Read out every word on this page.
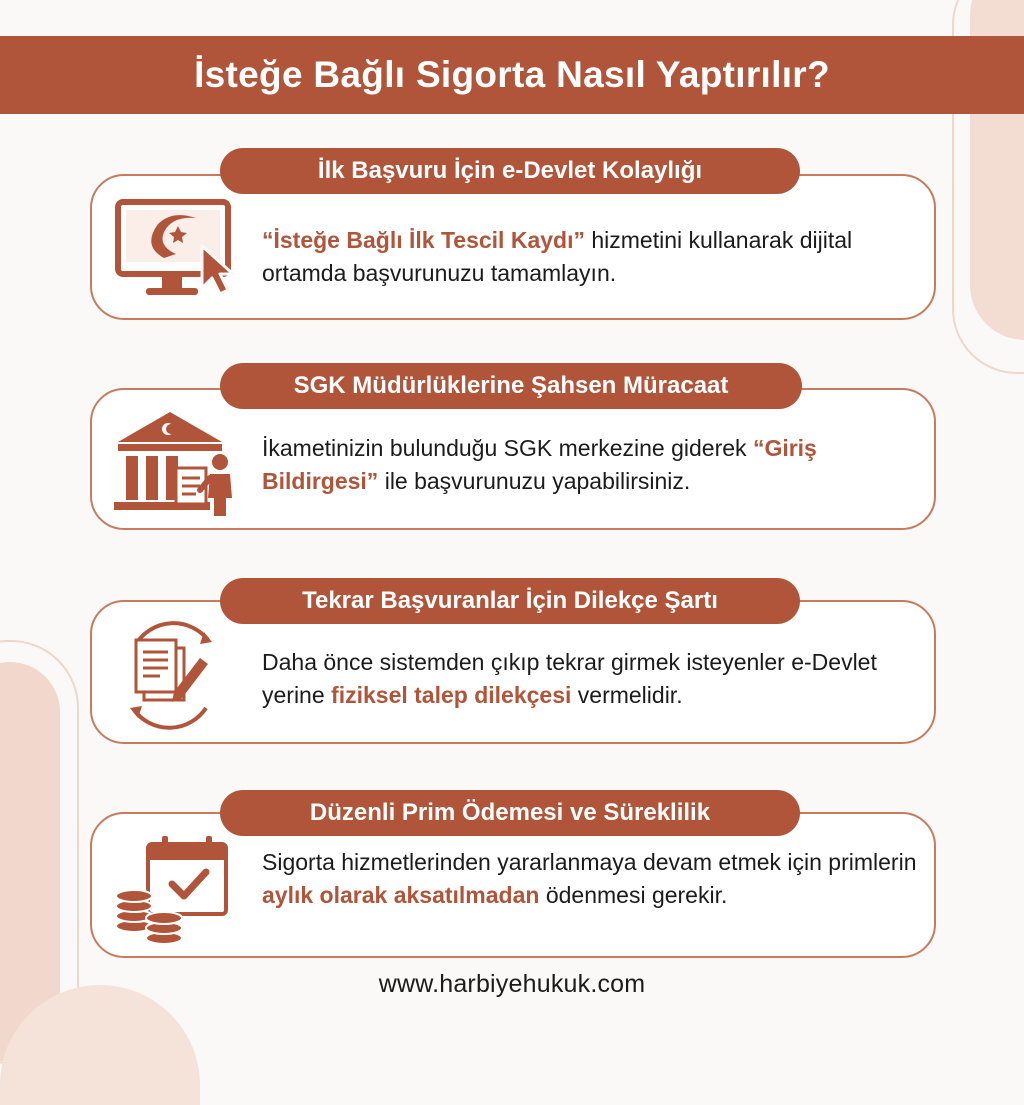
İsteğe Bağlı Sigorta Nasıl Yaptırılır?
“İsteğe Bağlı İlk Tescil Kaydı” hizmetini kullanarak dijital ortamda başvurunuzu tamamlayın.
İlk Başvuru İçin e-Devlet Kolaylığı
İkametinizin bulunduğu SGK merkezine giderek “Giriş Bildirgesi” ile başvurunuzu yapabilirsiniz.
SGK Müdürlüklerine Şahsen Müracaat
Daha önce sistemden çıkıp tekrar girmek isteyenler e-Devlet yerine fiziksel talep dilekçesi vermelidir.
Tekrar Başvuranlar İçin Dilekçe Şartı
Sigorta hizmetlerinden yararlanmaya devam etmek için primlerin aylık olarak aksatılmadan ödenmesi gerekir.
Düzenli Prim Ödemesi ve Süreklilik
www.harbiyehukuk.com
